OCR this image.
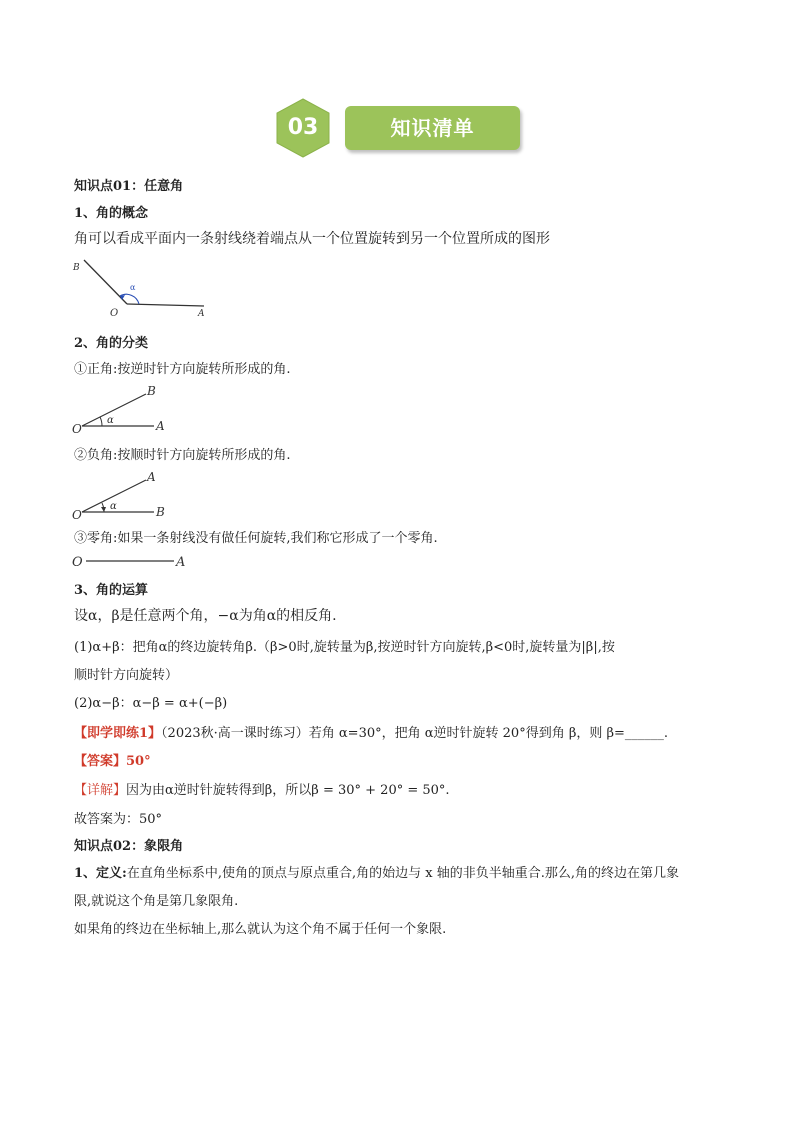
03	知识清单
知识点01：任意角
1、角的概念
角可以看成平面内一条射线绕着端点从一个位置旋转到另一个位置所成的图形
B
O	A
α
2、角的分类
①正角:按逆时针方向旋转所形成的角.
O	A
B
α
②负角:按顺时针方向旋转所形成的角.
O
A
B
α
③零角:如果一条射线没有做任何旋转,我们称它形成了一个零角.
O	A
3、角的运算
设α，β是任意两个角，−α为角α的相反角.
(1)α+β：把角α的终边旋转角β.（β>0时,旋转量为β,按逆时针方向旋转,β<0时,旋转量为|β|,按
顺时针方向旋转）
(2)α−β：α−β = α+(−β)
【即学即练1】（2023秋·高一课时练习）若角 α=30°，把角 α逆时针旋转 20°得到角 β，则 β=______.
【答案】50°
【详解】因为由α逆时针旋转得到β，所以β = 30° + 20° = 50°.
故答案为：50°
知识点02：象限角
1、定义:在直角坐标系中,使角的顶点与原点重合,角的始边与 x 轴的非负半轴重合.那么,角的终边在第几象
限,就说这个角是第几象限角.
如果角的终边在坐标轴上,那么就认为这个角不属于任何一个象限.
